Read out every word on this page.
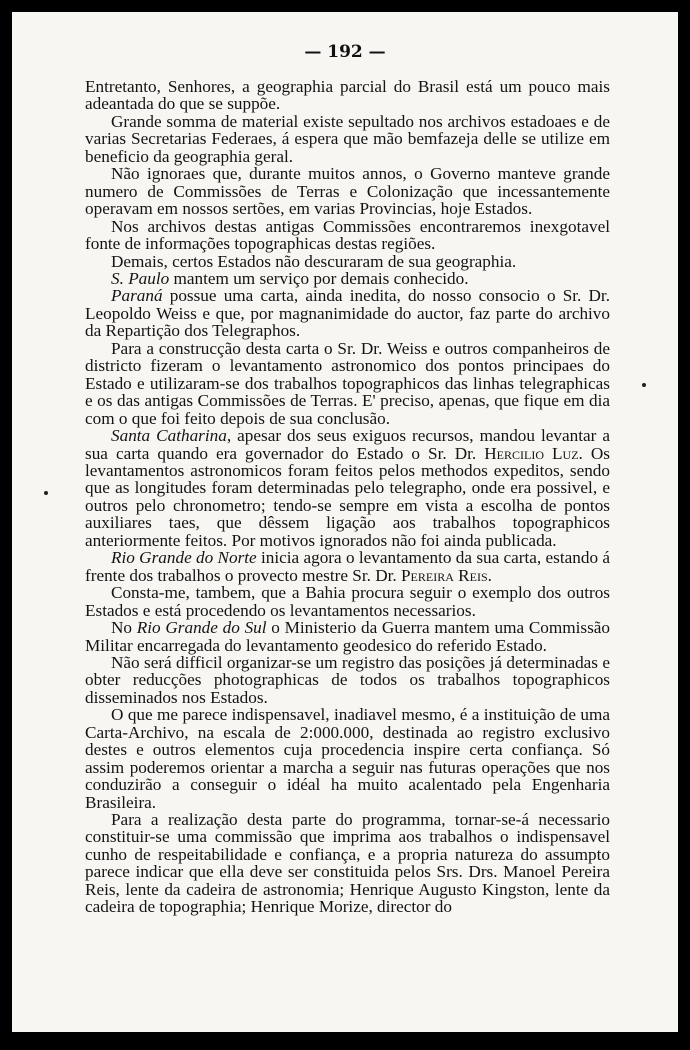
— 192 —

Entretanto, Senhores, a geographia parcial do Brasil está um pouco mais adeantada do que se suppõe.

Grande somma de material existe sepultado nos archivos estadoaes e de varias Secretarias Federaes, á espera que mão bemfazeja delle se utilize em beneficio da geographia geral.

Não ignoraes que, durante muitos annos, o Governo manteve grande numero de Commissões de Terras e Colonização que incessantemente operavam em nossos sertões, em varias Provincias, hoje Estados.

Nos archivos destas antigas Commissões encontraremos inexgotavel fonte de informações topographicas destas regiões.

Demais, certos Estados não descuraram de sua geographia.

S. Paulo mantem um serviço por demais conhecido.

Paraná possue uma carta, ainda inedita, do nosso consocio o Sr. Dr. Leopoldo Weiss e que, por magnanimidade do auctor, faz parte do archivo da Repartição dos Telegraphos.

Para a construcção desta carta o Sr. Dr. Weiss e outros companheiros de districto fizeram o levantamento astronomico dos pontos principaes do Estado e utilizaram-se dos trabalhos topographicos das linhas telegraphicas e os das antigas Commissões de Terras. E' preciso, apenas, que fique em dia com o que foi feito depois de sua conclusão.

Santa Catharina, apesar dos seus exiguos recursos, mandou levantar a sua carta quando era governador do Estado o Sr. Dr. Hercilio Luz. Os levantamentos astronomicos foram feitos pelos methodos expeditos, sendo que as longitudes foram determinadas pelo telegrapho, onde era possivel, e outros pelo chronometro; tendo-se sempre em vista a escolha de pontos auxiliares taes, que dêssem ligação aos trabalhos topographicos anteriormente feitos. Por motivos ignorados não foi ainda publicada.

Rio Grande do Norte inicia agora o levantamento da sua carta, estando á frente dos trabalhos o provecto mestre Sr. Dr. Pereira Reis.

Consta-me, tambem, que a Bahia procura seguir o exemplo dos outros Estados e está procedendo os levantamentos necessarios.

No Rio Grande do Sul o Ministerio da Guerra mantem uma Commissão Militar encarregada do levantamento geodesico do referido Estado.

Não será difficil organizar-se um registro das posições já determinadas e obter reducções photographicas de todos os trabalhos topographicos disseminados nos Estados.

O que me parece indispensavel, inadiavel mesmo, é a instituição de uma Carta-Archivo, na escala de 2:000.000, destinada ao registro exclusivo destes e outros elementos cuja procedencia inspire certa confiança. Só assim poderemos orientar a marcha a seguir nas futuras operações que nos conduzirão a conseguir o idéal ha muito acalentado pela Engenharia Brasileira.

Para a realização desta parte do programma, tornar-se-á necessario constituir-se uma commissão que imprima aos trabalhos o indispensavel cunho de respeitabilidade e confiança, e a propria natureza do assumpto parece indicar que ella deve ser constituida pelos Srs. Drs. Manoel Pereira Reis, lente da cadeira de astronomia; Henrique Augusto Kingston, lente da cadeira de topographia; Henrique Morize, director do
